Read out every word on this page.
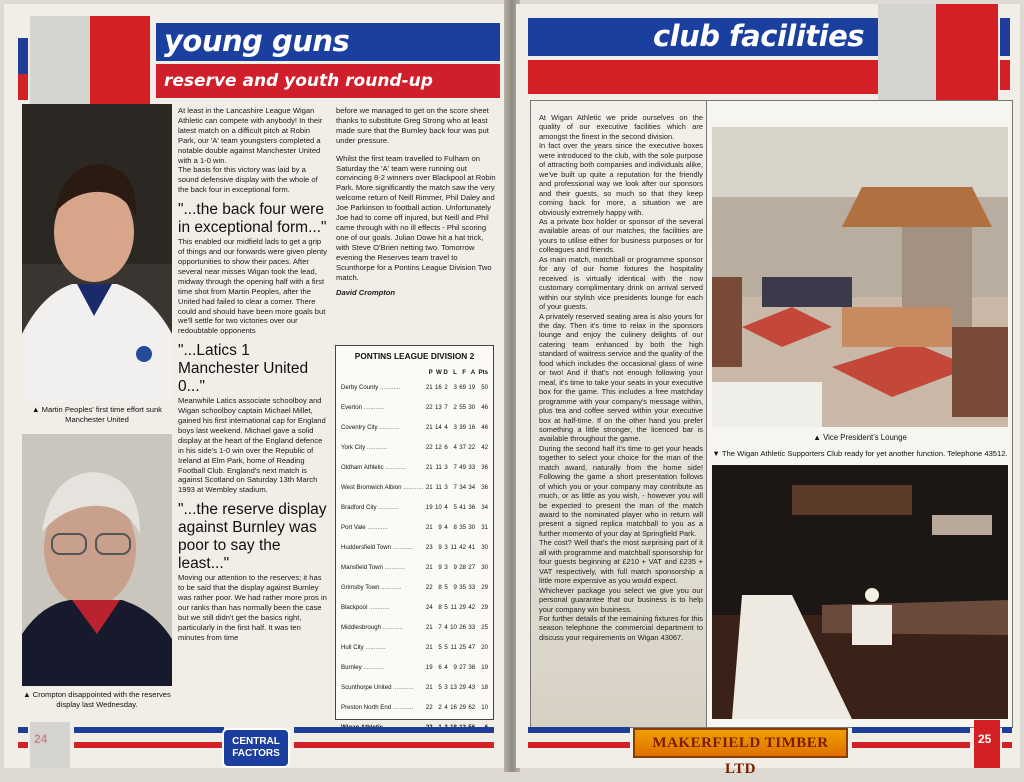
young guns
reserve and youth round-up
▲ Martin Peoples' first time effort sunk Manchester United
▲ Crompton disappointed with the reserves display last Wednesday.

At least in the Lancashire League Wigan Athletic can compete with anybody! In their latest match on a difficult pitch at Robin Park, our 'A' team youngsters completed a notable double against Manchester United with a 1-0 win.

The basis for this victory was laid by a sound defensive display with the whole of the back four in exceptional form.

"...the back four were in exceptional form..."

This enabled our midfield lads to get a grip of things and our forwards were given plenty opportunities to show their paces. After several near misses Wigan took the lead, midway through the opening half with a first time shot from Martin Peoples, after the United had failed to clear a corner. There could and should have been more goals but we'll settle for two victories over our redoubtable opponents

"...Latics 1 Manchester United 0..."

Meanwhile Latics associate schoolboy and Wigan schoolboy captain Michael Millet, gained his first international cap for England boys last weekend. Michael gave a solid display at the heart of the England defence in his side's 1-0 win over the Republic of Ireland at Elm Park, home of Reading Football Club. England's next match is against Scotland on Saturday 13th March 1993 at Wembley stadium.

"...the reserve display against Burnley was poor to say the least..."

Moving our attention to the reserves; it has to be said that the display against Burnley was rather poor. We had rather more pros in our ranks than has normally been the case but we still didn't get the basics right, particularly in the first half. It was ten minutes from time

before we managed to get on the score sheet thanks to substitute Greg Strong who at least made sure that the Burnley back four was put under pressure.

Whilst the first team travelled to Fulham on Saturday the 'A' team were running out convincing 8-2 winners over Blackpool at Robin Park. More significantly the match saw the very welcome return of Neill Rimmer, Phil Daley and Joe Parkinson to football action. Unfortunately Joe had to come off injured, but Neill and Phil came through with no ill effects - Phil scoring one of our goals. Julian Dowe hit a hat trick, with Steve O'Brien netting two. Tomorrow evening the Reserves team travel to Scunthorpe for a Pontins League Division Two match.

David Crompton

PONTINS LEAGUE DIVISION 2
	P	W	D	L	F	A	Pts
Derby County .....	21	16	2	3	69	19	50
Everton .....	22	13	7	2	55	30	46
Coventry City .....	21	14	4	3	39	16	46
York City .....	22	12	6	4	37	22	42
Oldham Athletic .....	21	11	3	7	49	33	36
West Bromwich Albion .....	21	11	3	7	34	34	36
Bradford City .....	19	10	4	5	41	36	34
Port Vale .....	21	9	4	8	35	30	31
Huddersfield Town .....	23	9	3	11	42	41	30
Mansfield Town .....	21	9	3	9	28	27	30
Grimsby Town .....	22	8	5	9	35	33	29
Blackpool .....	24	8	5	11	29	42	29
Middlesbrough .....	21	7	4	10	26	33	25
Hull City .....	21	5	5	11	25	47	20
Burnley .....	19	6	4	9	27	38	19
Scunthorpe United .....	21	5	3	13	29	43	18
Preston North End .....	22	2	4	16	29	62	10
.....							
24	CENTRAL
FACTORS
club facilities

At Wigan Athletic we pride ourselves on the quality of our executive facilities which are amongst the finest in the second division.

In fact over the years since the executive boxes were introduced to the club, with the sole purpose of attracting both companies and individuals alike, we've built up quite a reputation for the friendly and professional way we look after our sponsors and their guests, so much so that they keep coming back for more, a situation we are obviously extremely happy with.

As a private box holder or sponsor of the several available areas of our matches, the facilities are yours to utilise either for business purposes or for colleagues and friends.

As main match, matchball or programme sponsor for any of our home fixtures the hospitality received is virtually identical with the now customary complimentary drink on arrival served within our stylish vice presidents lounge for each of your guests.

A privately reserved seating area is also yours for the day. Then it's time to relax in the sponsors lounge and enjoy the culinery delights of our catering team enhanced by both the high standard of waitress service and the quality of the food which includes the occasional glass of wine or two! And if that's not enough following your meal, it's time to take your seats in your executive box for the game. This includes a free matchday programme with your company's message within, plus tea and coffee served within your executive box at half-time. If on the other hand you prefer something a little stronger, the licenced bar is available throughout the game.

During the second half it's time to get your heads together to select your choice for the man of the match award, naturally from the home side! Following the game a short presentation follows of which you or your company may contribute as much, or as little as you wish, - however you will be expected to present the man of the match award to the nominated player who in return will present a signed replica matchball to you as a further momento of your day at Springfield Park.

The cost? Well that's the most surprising part of it all with programme and matchball sponsorship for four guests beginning at £210 + VAT and £235 + VAT respectively, with full match sponsorship a little more expensive as you would expect.

Whichever package you select we give you our personal guarantee that our business is to help your company win business.

For further details of the remaining fixtures for this season telephone the commercial department to discuss your requirements on Wigan 43067.

▲ Vice President's Lounge
▼ The Wigan Athletic Supporters Club ready for yet another function. Telephone 43512.
25
MAKERFIELD TIMBER LTD
